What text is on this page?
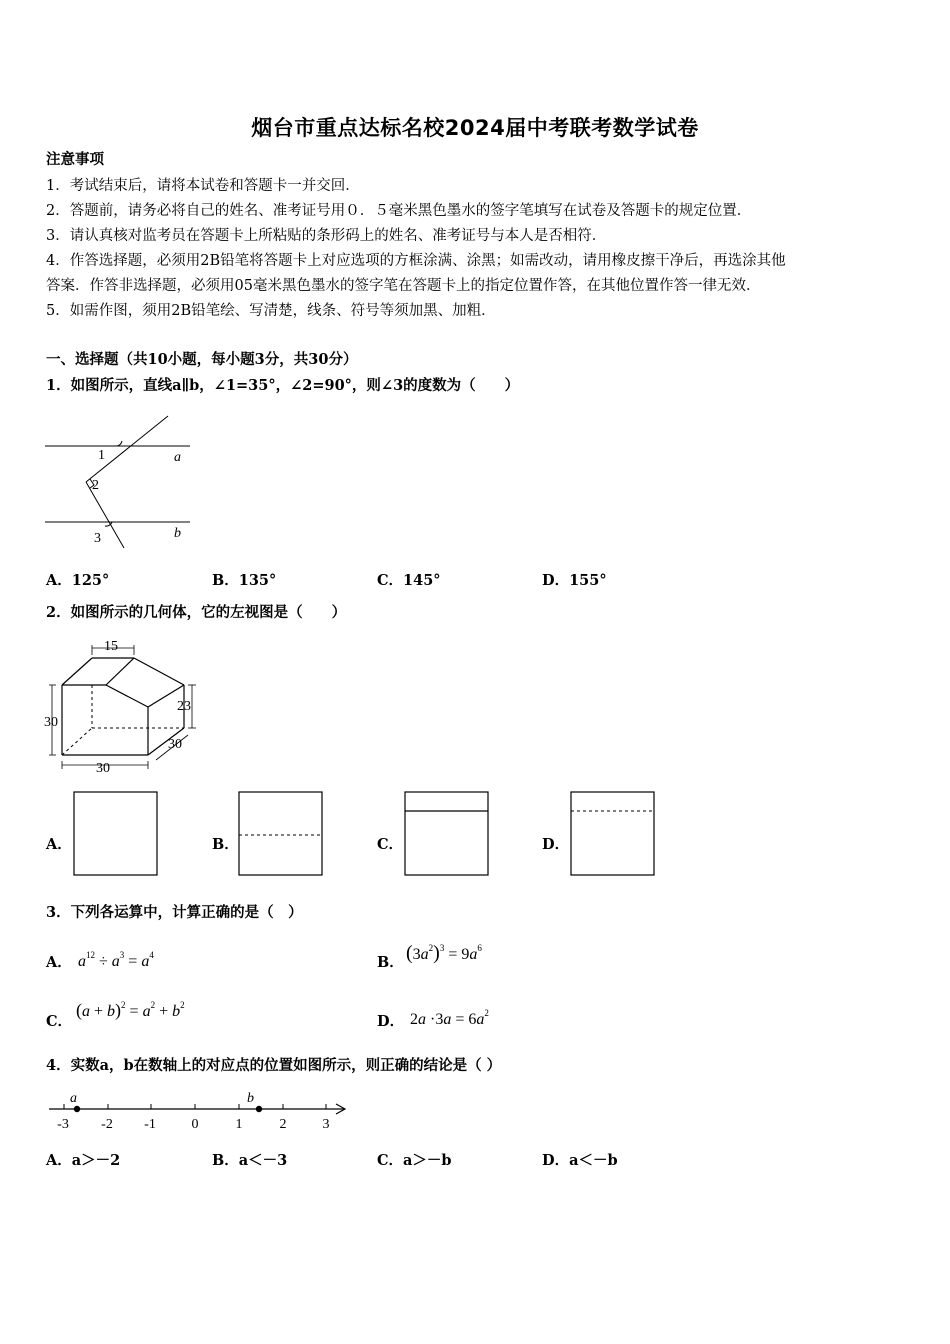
烟台市重点达标名校2024届中考联考数学试卷
注意事项
1．考试结束后，请将本试卷和答题卡一并交回．
2．答题前，请务必将自己的姓名、准考证号用０．５毫米黑色墨水的签字笔填写在试卷及答题卡的规定位置．
3．请认真核对监考员在答题卡上所粘贴的条形码上的姓名、准考证号与本人是否相符．
4．作答选择题，必须用2B铅笔将答题卡上对应选项的方框涂满、涂黑；如需改动，请用橡皮擦干净后，再选涂其他
答案．作答非选择题，必须用05毫米黑色墨水的签字笔在答题卡上的指定位置作答，在其他位置作答一律无效．
5．如需作图，须用2B铅笔绘、写清楚，线条、符号等须加黑、加粗．
一、选择题（共10小题，每小题3分，共30分）
1．如图所示，直线a∥b，∠1=35°，∠2=90°，则∠3的度数为（　　）
1
2
3
a
b
A．125°	B．135°	C．145°	D．155°
2．如图所示的几何体，它的左视图是（　　）
15
30
23
30
30
A．	B．	C．	D．
3．下列各运算中，计算正确的是（　）
A． $a^{12} \div a^3 = a^4$	B． $(3a^2)^3 = 9a^6$
C．
$(a + b)^2 = a^2 + b^2$
D． $2a \cdot 3a = 6a^2$
4．实数a，b在数轴上的对应点的位置如图所示，则正确的结论是（ ）
a	b
-3 -2 -1	0	1	2	3
A．a＞－2	B．a＜－3	C．a＞－b	D．a＜－b
